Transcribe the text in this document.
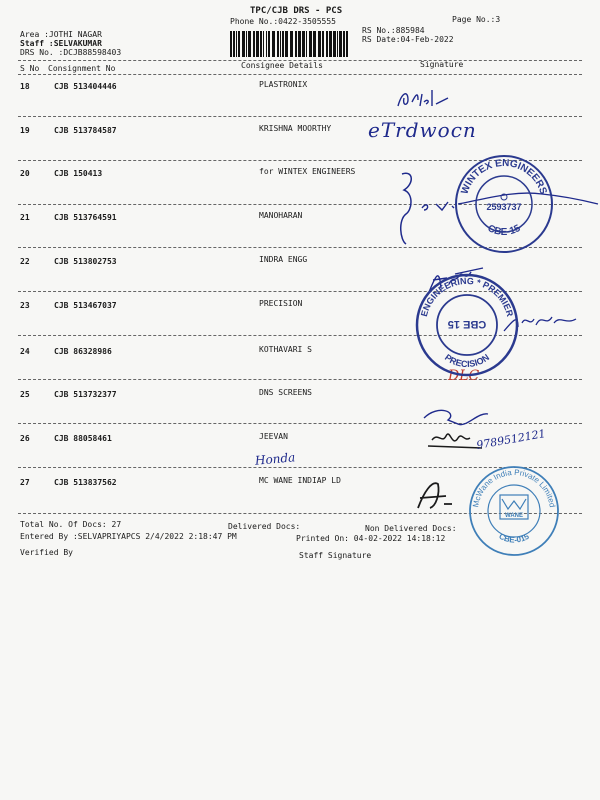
TPC/CJB DRS - PCS
Phone No.:0422-3505555	Page No.:3
Area :JOTHI NAGAR
Staff :SELVAKUMAR
DRS No. :DCJB88598403
RS No.:885984
RS Date:04-Feb-2022
S No Consignment No	Consignee Details	Signature
18	CJB 513404446	PLASTRONIX
19	CJB 513784587	KRISHNA MOORTHY
20	CJB 150413	for WINTEX ENGINEERS
21	CJB 513764591	MANOHARAN
22	CJB 513802753	INDRA ENGG
23	CJB 513467037	PRECISION
24	CJB 86328986	KOTHAVARI S
25	CJB 513732377	DNS SCREENS
26	CJB 88058461	JEEVAN
27	CJB 513837562	MC WANE INDIAP LD
Total No. Of Docs: 27	Delivered Docs:	Non Delivered Docs:
Entered By :SELVAPRIYAPCS 2/4/2022 2:18:47 PM	Printed On: 04-02-2022 14:18:12
Verified By	Staff Signature
eTrdwocn
DLC
9789512121
Honda
WINTEX ENGINEERS
CBE-15
2593737
ENGINEERING * PREMIER
PRECISION
CBE 15
McWane India Private Limited
CBE-015
WANE
